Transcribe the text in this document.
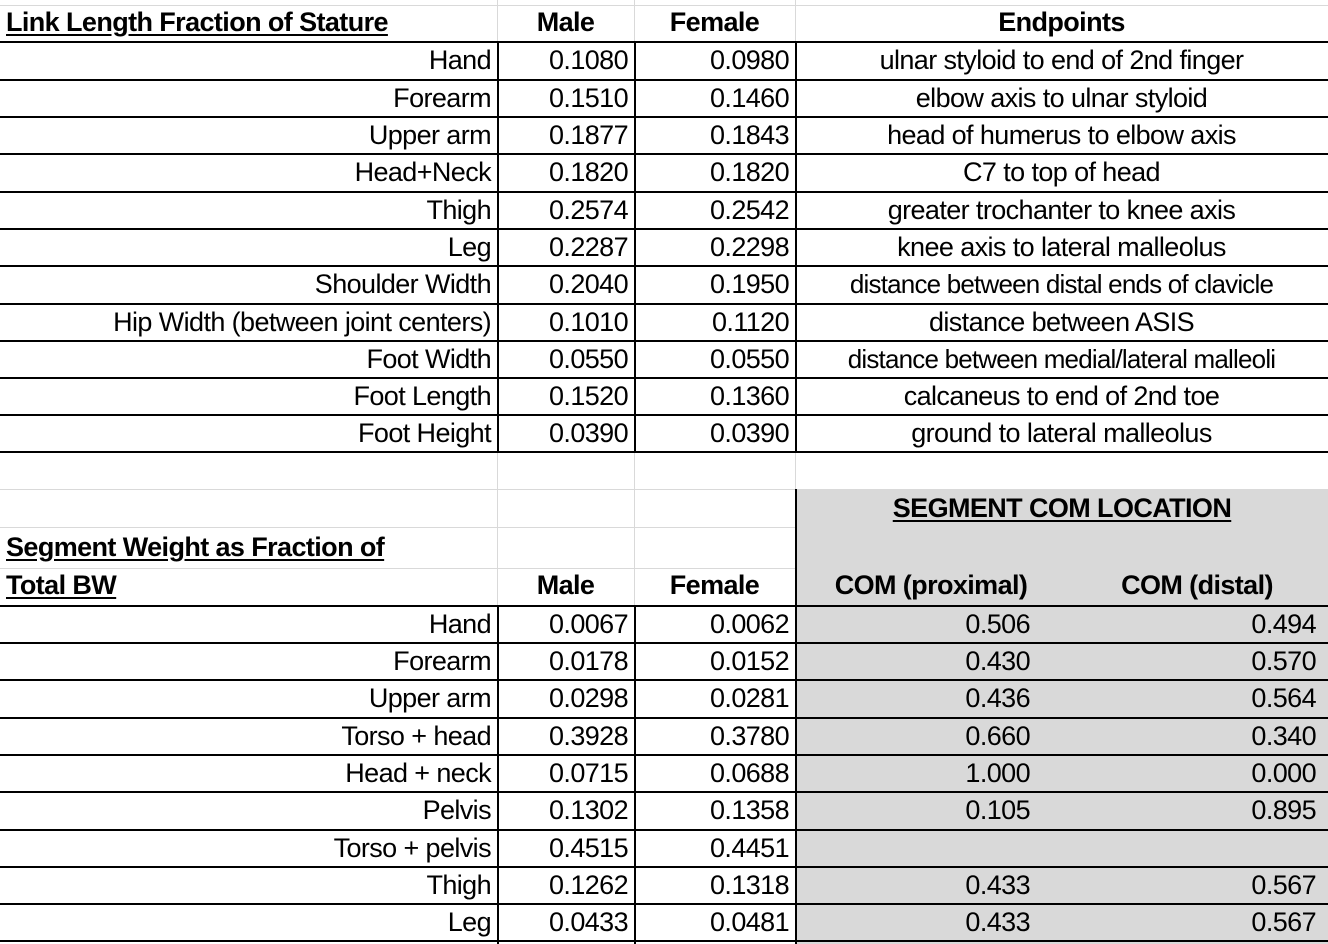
Link Length Fraction of Stature	Male	Female	Endpoints
Hand	0.1080	0.0980	ulnar styloid to end of 2nd finger
Forearm	0.1510	0.1460	elbow axis to ulnar styloid
Upper arm	0.1877	0.1843	head of humerus to elbow axis
Head+Neck	0.1820	0.1820	C7 to top of head
Thigh	0.2574	0.2542	greater trochanter to knee axis
Leg	0.2287	0.2298	knee axis to lateral malleolus
Shoulder Width	0.2040	0.1950	distance between distal ends of clavicle
Hip Width (between joint centers)	0.1010	0.1120	distance between ASIS
Foot Width	0.0550	0.0550	distance between medial/lateral malleoli
Foot Length	0.1520	0.1360	calcaneus to end of 2nd toe
Foot Height	0.0390	0.0390	ground to lateral malleolus
SEGMENT COM LOCATION
Segment Weight as Fraction of
Total BW	Male	Female	COM (proximal)	COM (distal)
Hand	0.0067	0.0062	0.506	0.494
Forearm	0.0178	0.0152	0.430	0.570
Upper arm	0.0298	0.0281	0.436	0.564
Torso + head	0.3928	0.3780	0.660	0.340
Head + neck	0.0715	0.0688	1.000	0.000
Pelvis	0.1302	0.1358	0.105	0.895
Torso + pelvis	0.4515	0.4451
Thigh	0.1262	0.1318	0.433	0.567
Leg	0.0433	0.0481	0.433	0.567
